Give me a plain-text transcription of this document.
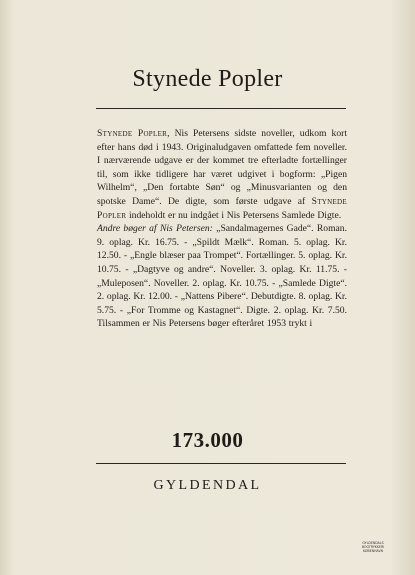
Stynede Popler
Stynede Popler, Nis Petersens sidste noveller, udkom kort efter hans død i 1943. Originaludgaven omfattede fem noveller. I nærværende udgave er der kommet tre efterladte fortællinger til, som ikke tidligere har været udgivet i bogform: „Pigen Wilhelm“, „Den fortabte Søn“ og „Minusvarianten og den spotske Dame“. De digte, som første udgave af Stynede Popler indeholdt er nu indgået i Nis Petersens Samlede Digte.
Andre bøger af Nis Petersen: „Sandalmagernes Gade“. Roman. 9. oplag. Kr. 16.75. - „Spildt Mælk“. Roman. 5. oplag. Kr. 12.50. - „Engle blæser paa Trompet“. Fortællinger. 5. oplag. Kr. 10.75. - „Dagtyve og andre“. Noveller. 3. oplag. Kr. 11.75. - „Muleposen“. Noveller. 2. oplag. Kr. 10.75. - „Samlede Digte“. 2. oplag. Kr. 12.00. - „Nattens Pibere“. Debutdigte. 8. oplag. Kr. 5.75. - „For Tromme og Kastagnet“. Digte. 2. oplag. Kr. 7.50. Tilsammen er Nis Petersens bøger efteråret 1953 trykt i
173.000
GYLDENDAL
GYLDENDALS
BOGTRYKKERI
KØBENHAVN
